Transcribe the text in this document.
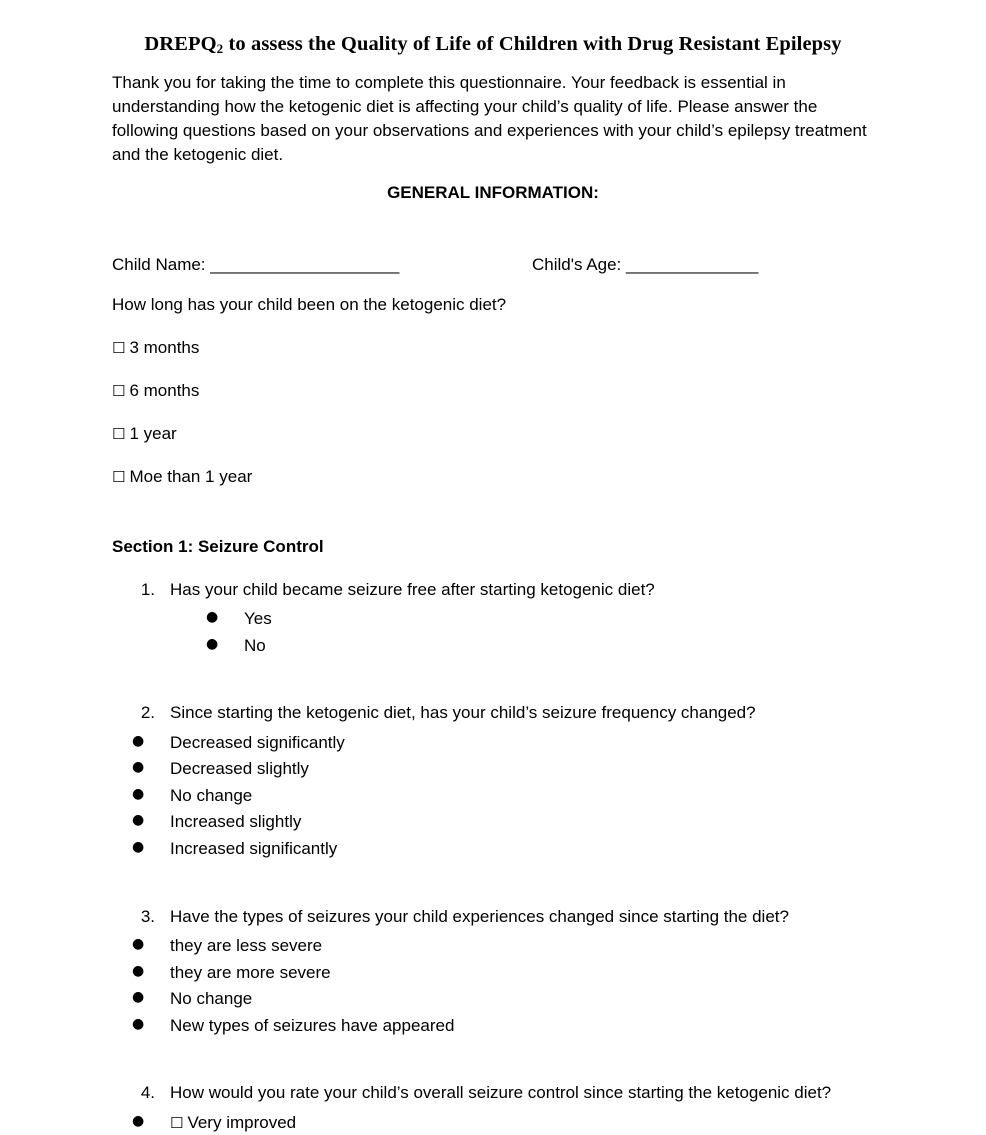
$DREPQ_2$ to assess the Quality of Life of Children with Drug Resistant Epilepsy

Thank you for taking the time to complete this questionnaire. Your feedback is essential in understanding how the ketogenic diet is affecting your child’s quality of life. Please answer the following questions based on your observations and experiences with your child’s epilepsy treatment and the ketogenic diet.

GENERAL INFORMATION:
Child Name: ____________________	Child's Age: ______________
How long has your child been on the ketogenic diet?
☐ 3 months
☐ 6 months
☐ 1 year
☐ Moe than 1 year
Section 1: Seizure Control
1. Has your child became seizure free after starting ketogenic diet?
● Yes
● No
2. Since starting the ketogenic diet, has your child’s seizure frequency changed?
● Decreased significantly
● Decreased slightly
● No change
● Increased slightly
● Increased significantly
3. Have the types of seizures your child experiences changed since starting the diet?
● they are less severe
● they are more severe
● No change
● New types of seizures have appeared
4. How would you rate your child’s overall seizure control since starting the ketogenic diet?
● ☐ Very improved
